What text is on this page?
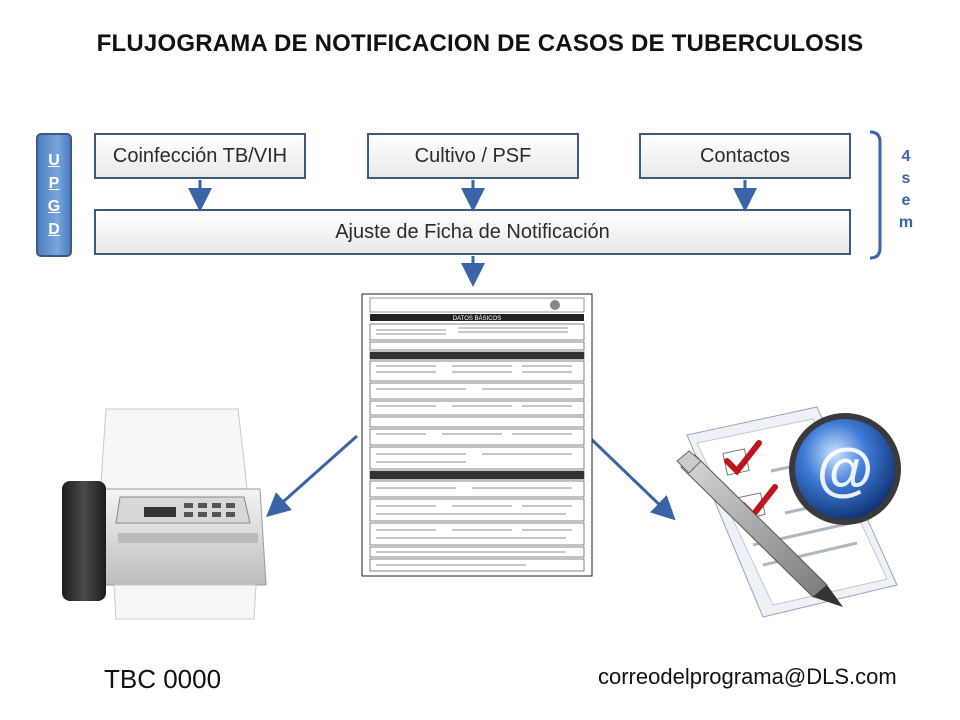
FLUJOGRAMA DE NOTIFICACION DE CASOS DE TUBERCULOSIS
U
P
G
D
Coinfección TB/VIH	Cultivo / PSF	Contactos
Ajuste de Ficha de Notificación
4
s
e
m
DATOS BÁSICOS
@
TBC 0000	correodelprograma@DLS.com
